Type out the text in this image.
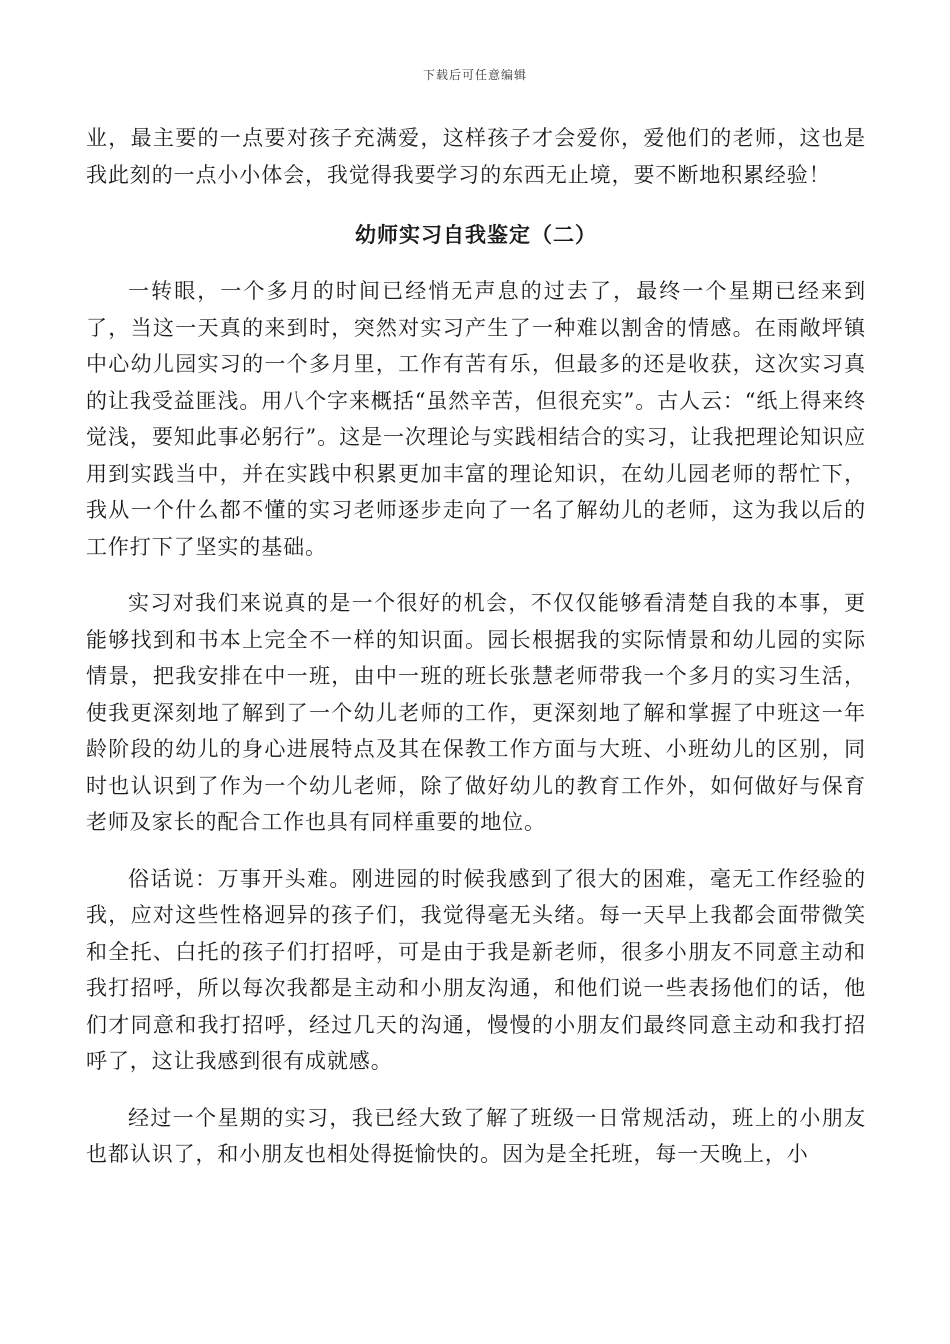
下载后可任意编辑

业，最主要的一点要对孩子充满爱，这样孩子才会爱你，爱他们的老师，这也是我此刻的一点小小体会，我觉得我要学习的东西无止境，要不断地积累经验！

幼师实习自我鉴定（二）

一转眼，一个多月的时间已经悄无声息的过去了，最终一个星期已经来到了，当这一天真的来到时，突然对实习产生了一种难以割舍的情感。在雨敞坪镇中心幼儿园实习的一个多月里，工作有苦有乐，但最多的还是收获，这次实习真的让我受益匪浅。用八个字来概括“虽然辛苦，但很充实”。古人云：“纸上得来终觉浅，要知此事必躬行”。这是一次理论与实践相结合的实习，让我把理论知识应用到实践当中，并在实践中积累更加丰富的理论知识，在幼儿园老师的帮忙下，我从一个什么都不懂的实习老师逐步走向了一名了解幼儿的老师，这为我以后的工作打下了坚实的基础。

实习对我们来说真的是一个很好的机会，不仅仅能够看清楚自我的本事，更能够找到和书本上完全不一样的知识面。园长根据我的实际情景和幼儿园的实际情景，把我安排在中一班，由中一班的班长张慧老师带我一个多月的实习生活，使我更深刻地了解到了一个幼儿老师的工作，更深刻地了解和掌握了中班这一年龄阶段的幼儿的身心进展特点及其在保教工作方面与大班、小班幼儿的区别，同时也认识到了作为一个幼儿老师，除了做好幼儿的教育工作外，如何做好与保育老师及家长的配合工作也具有同样重要的地位。

俗话说：万事开头难。刚进园的时候我感到了很大的困难，毫无工作经验的我，应对这些性格迥异的孩子们，我觉得毫无头绪。每一天早上我都会面带微笑和全托、白托的孩子们打招呼，可是由于我是新老师，很多小朋友不同意主动和我打招呼，所以每次我都是主动和小朋友沟通，和他们说一些表扬他们的话，他们才同意和我打招呼，经过几天的沟通，慢慢的小朋友们最终同意主动和我打招呼了，这让我感到很有成就感。

经过一个星期的实习，我已经大致了解了班级一日常规活动，班上的小朋友也都认识了，和小朋友也相处得挺愉快的。因为是全托班，每一天晚上，小
